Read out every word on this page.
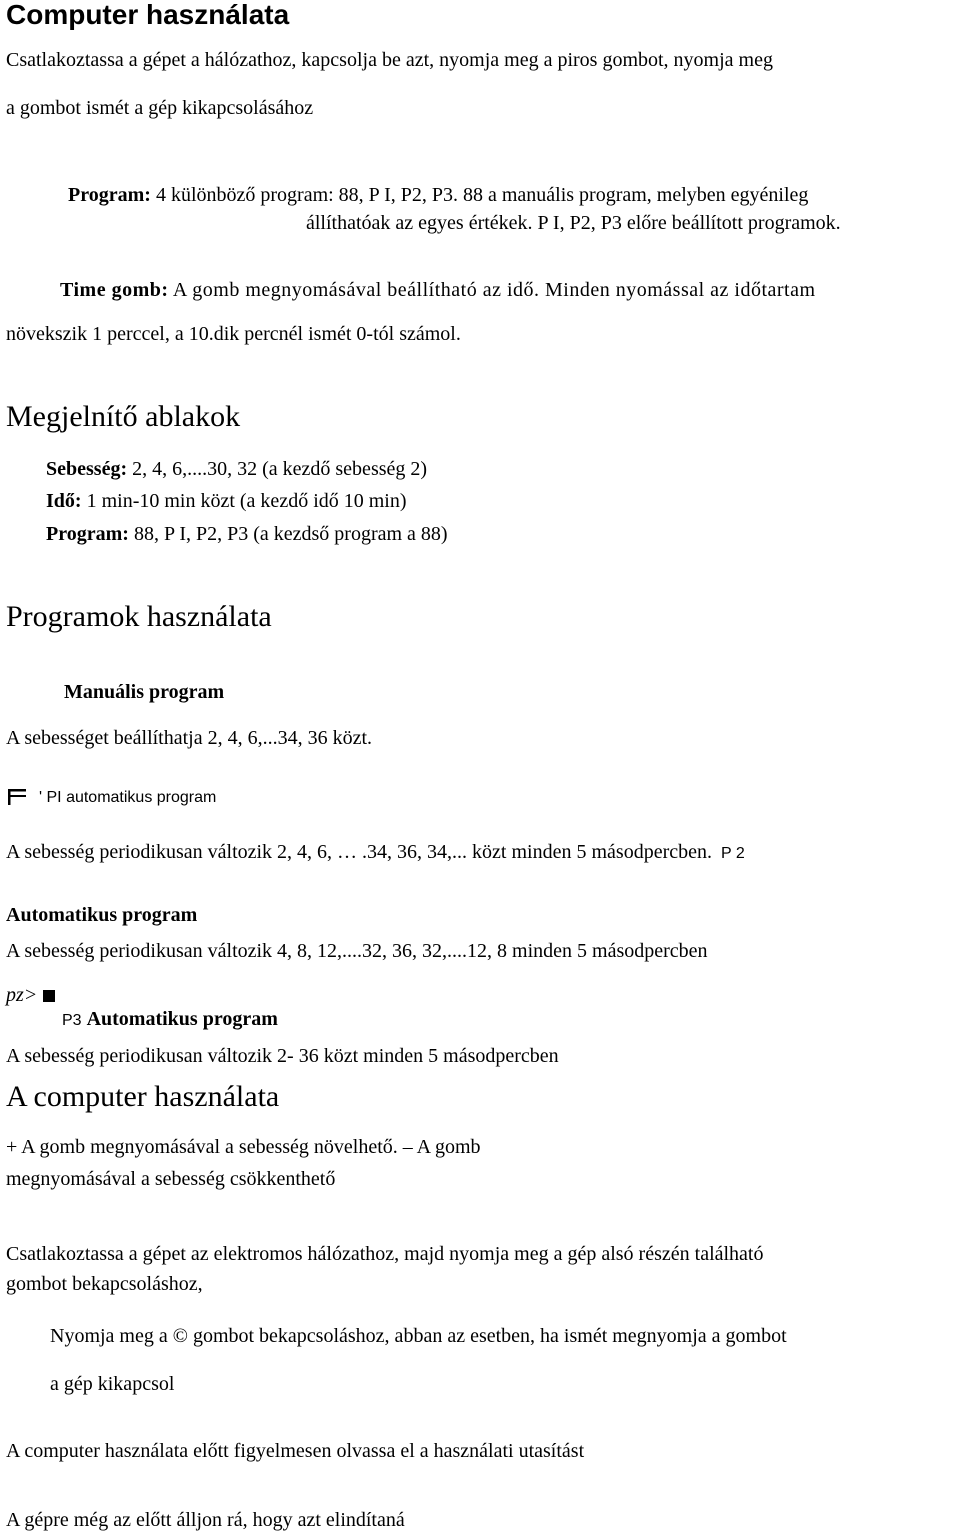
Computer használata
Csatlakoztassa a gépet a hálózathoz, kapcsolja be azt, nyomja meg a piros gombot, nyomja meg
a gombot ismét a gép kikapcsolásához
Program: 4 különböző program: 88, P I, P2, P3. 88 a manuális program, melyben egyénileg
állíthatóak az egyes értékek. P I, P2, P3 előre beállított programok.
Time gomb: A gomb megnyomásával beállítható az idő. Minden nyomással az időtartam
növekszik 1 perccel, a 10.dik percnél ismét 0-tól számol.
Megjelnítő ablakok
Sebesség: 2, 4, 6,....30, 32 (a kezdő sebesség 2)
Idő: 1 min-10 min közt (a kezdő idő 10 min)
Program: 88, P I, P2, P3 (a kezdső program a 88)
Programok használata
Manuális program
A sebességet beállíthatja 2, 4, 6,...34, 36 közt.
' PI automatikus program
A sebesség periodikusan változik 2, 4, 6, … .34, 36, 34,... közt minden 5 másodpercben. P 2
Automatikus program
A sebesség periodikusan változik 4, 8, 12,....32, 36, 32,....12, 8 minden 5 másodpercben
pz>
P3 Automatikus program
A sebesség periodikusan változik 2- 36 közt minden 5 másodpercben
A computer használata
+ A gomb megnyomásával a sebesség növelhető. – A gomb
megnyomásával a sebesség csökkenthető
Csatlakoztassa a gépet az elektromos hálózathoz, majd nyomja meg a gép alsó részén található
gombot bekapcsoláshoz,
Nyomja meg a © gombot bekapcsoláshoz, abban az esetben, ha ismét megnyomja a gombot
a gép kikapcsol
A computer használata előtt figyelmesen olvassa el a használati utasítást
A gépre még az előtt álljon rá, hogy azt elindítaná
